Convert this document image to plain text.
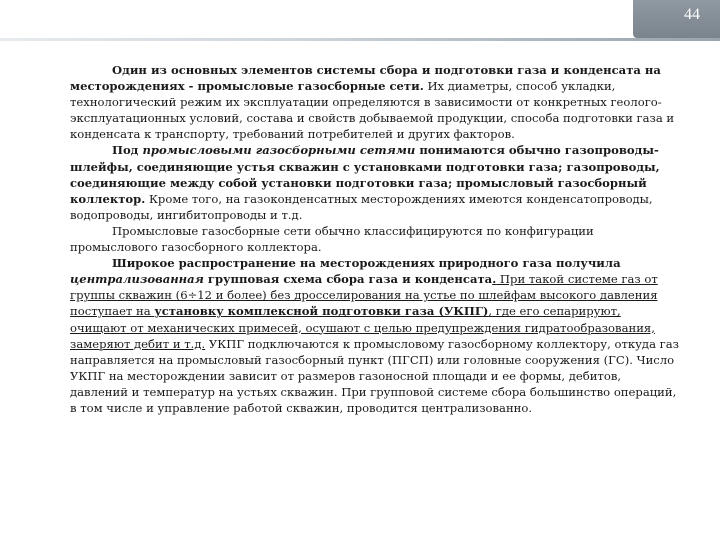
44

Один из основных элементов системы сбора и подготовки газа и конденсата на месторождениях - промысловые газосборные сети. Их диаметры, способ укладки, технологический режим их эксплуатации определяются в зависимости от конкретных геолого-эксплуатационных условий, состава и свойств добываемой продукции, способа подготовки газа и конденсата к транспорту, требований потребителей и других факторов.

Под промысловыми газосборными сетями понимаются обычно газопроводы-шлейфы, соединяющие устья скважин с установками подготовки газа; газопроводы, соединяющие между собой установки подготовки газа; промысловый газосборный коллектор. Кроме того, на газоконденсатных месторождениях имеются конденсатопроводы, водопроводы, ингибитопроводы и т.д.

Промысловые газосборные сети обычно классифицируются по конфигурации промыслового газосборного коллектора.

Широкое распространение на месторождениях природного газа получила централизованная групповая схема сбора газа и конденсата. При такой системе газ от группы скважин (6÷12 и более) без дросселирования на устье по шлейфам высокого давления поступает на установку комплексной подготовки газа (УКПГ), где его сепарируют, очищают от механических примесей, осушают с целью предупреждения гидратообразования, замеряют дебит и т.д. УКПГ подключаются к промысловому газосборному коллектору, откуда газ направляется на промысловый газосборный пункт (ПГСП) или головные сооружения (ГС). Число УКПГ на месторождении зависит от размеров газоносной площади и ее формы, дебитов, давлений и температур на устьях скважин. При групповой системе сбора большинство операций, в том числе и управление работой скважин, проводится централизованно.
